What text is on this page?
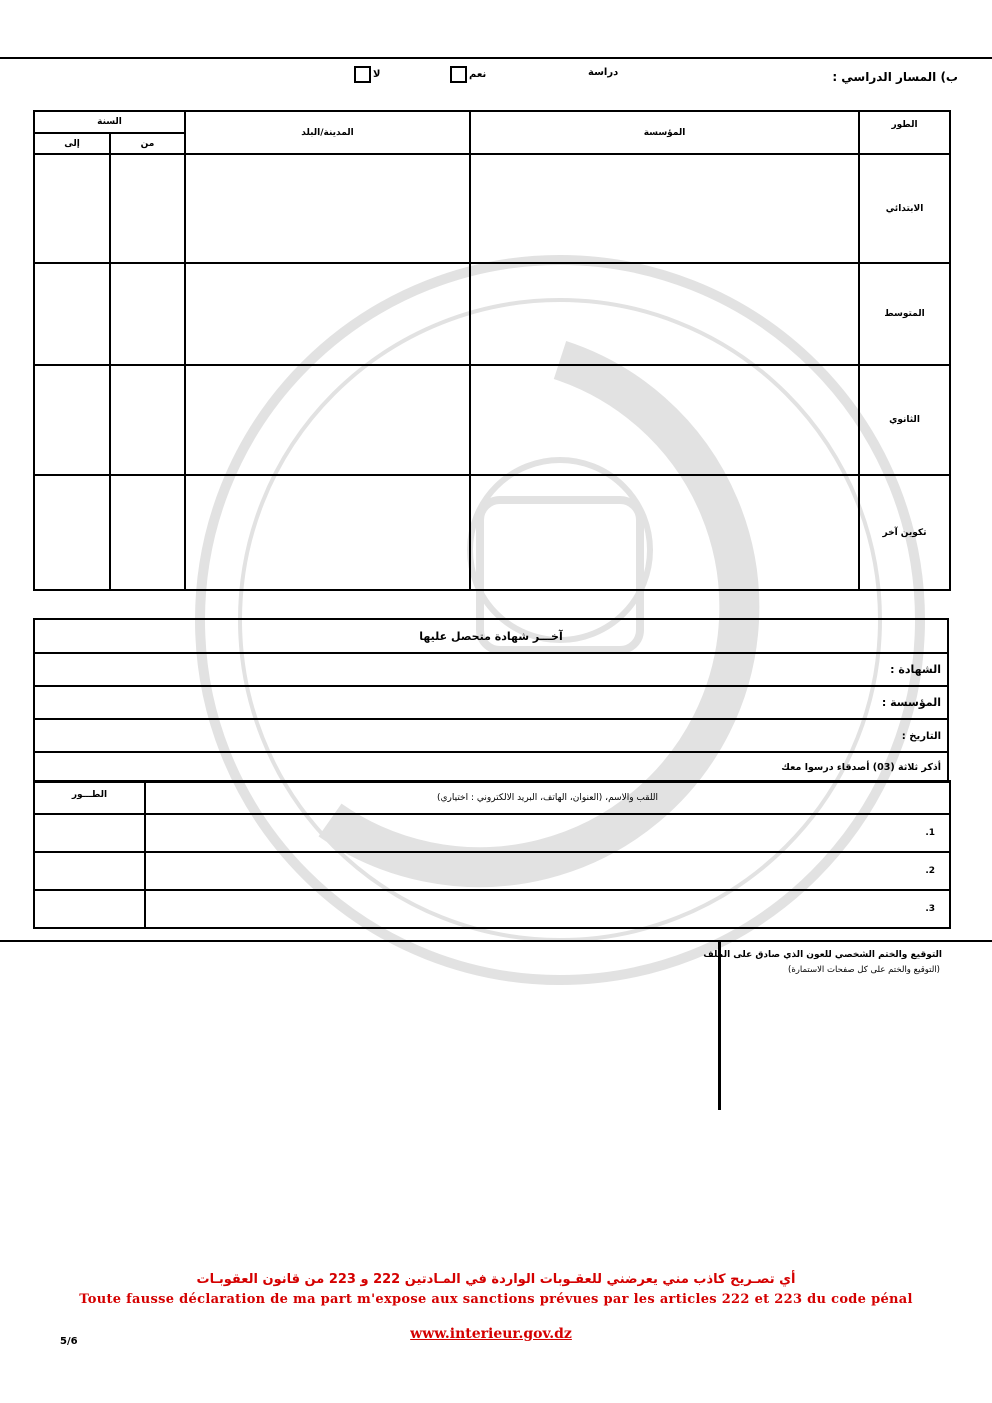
ب) المسار الدراسي :
دراسة
نعم
لا
الطور	المؤسسة	المدينة/البلد	السنة	
			من	إلى
الابتدائي				
المتوسط				
الثانوي				
تكوين آخر				
آخـــر شهادة متحصل عليها
الشهادة :
المؤسسة :
التاريخ :
أذكر ثلاثة (03) أصدقاء درسوا معك
اللقب والاسم، (العنوان، الهاتف، البريد الالكتروني : اختياري)	الطـــور
1.	
2.	
3.	
التوقيع والختم الشخصي للعون الذي صادق على الملف
(التوقيع والختم على كل صفحات الاستمارة)
أي تصـريح كاذب مني يعرضني للعقـوبات الواردة في المـادتين 222 و 223 من قانون العقوبـات
Toute fausse déclaration de ma part m'expose aux sanctions prévues par les articles 222 et 223 du code pénal
www.interieur.gov.dz
5/6
